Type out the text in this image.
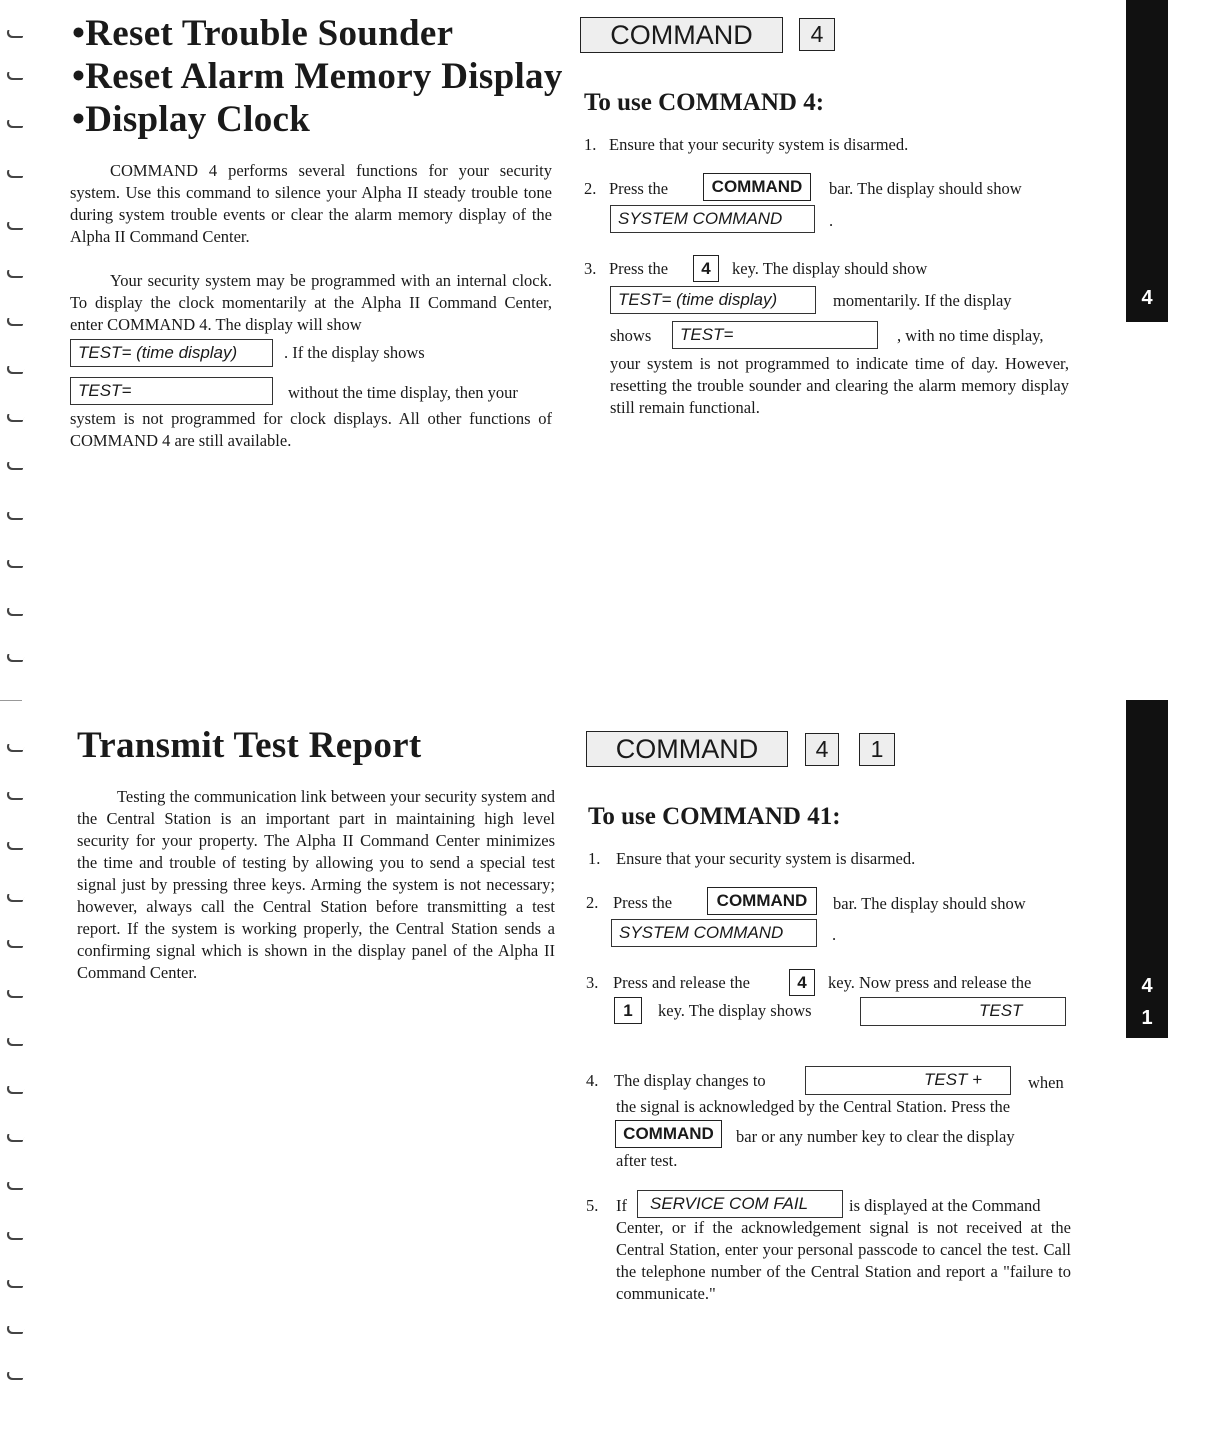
•Reset Trouble Sounder
•Reset Alarm Memory Display
•Display Clock

COMMAND 4 performs several functions for your security system. Use this command to silence your Alpha II steady trouble tone during system trouble events or clear the alarm memory display of the Alpha II Command Center.

Your security system may be programmed with an internal clock. To display the clock momentarily at the Alpha II Command Center, enter COMMAND 4. The display will show

TEST= (time display)	. If the display shows
TEST=	without the time display, then your

system is not programmed for clock displays. All other functions of COMMAND 4 are still available.

COMMAND	4
To use COMMAND 4:
1. Ensure that your security system is disarmed.
2. Press the	COMMAND	bar. The display should show
SYSTEM COMMAND	.
3. Press the	4	key. The display should show
TEST= (time display)	momentarily. If the display
shows	TEST=	, with no time display,
your system is not programmed to indicate time of day. However, resetting the trouble sounder and clearing the alarm memory display still remain functional.
4
Transmit Test Report

Testing the communication link between your security system and the Central Station is an important part in maintaining high level security for your property. The Alpha II Command Center minimizes the time and trouble of testing by allowing you to send a special test signal just by pressing three keys. Arming the system is not necessary; however, always call the Central Station before transmitting a test report. If the system is working properly, the Central Station sends a confirming signal which is shown in the display panel of the Alpha II Command Center.

COMMAND	4	1
To use COMMAND 41:
1. Ensure that your security system is disarmed.
2. Press the	COMMAND	bar. The display should show
SYSTEM COMMAND	.
3. Press and release the	4	key. Now press and release the
1	key. The display shows	TEST
4. The display changes to	TEST +	when
the signal is acknowledged by the Central Station. Press the
COMMAND	bar or any number key to clear the display
after test.
5. If	SERVICE COM FAIL	is displayed at the Command
Center, or if the acknowledgement signal is not received at the Central Station, enter your personal passcode to cancel the test. Call the telephone number of the Central Station and report a "failure to communicate."
4
1
